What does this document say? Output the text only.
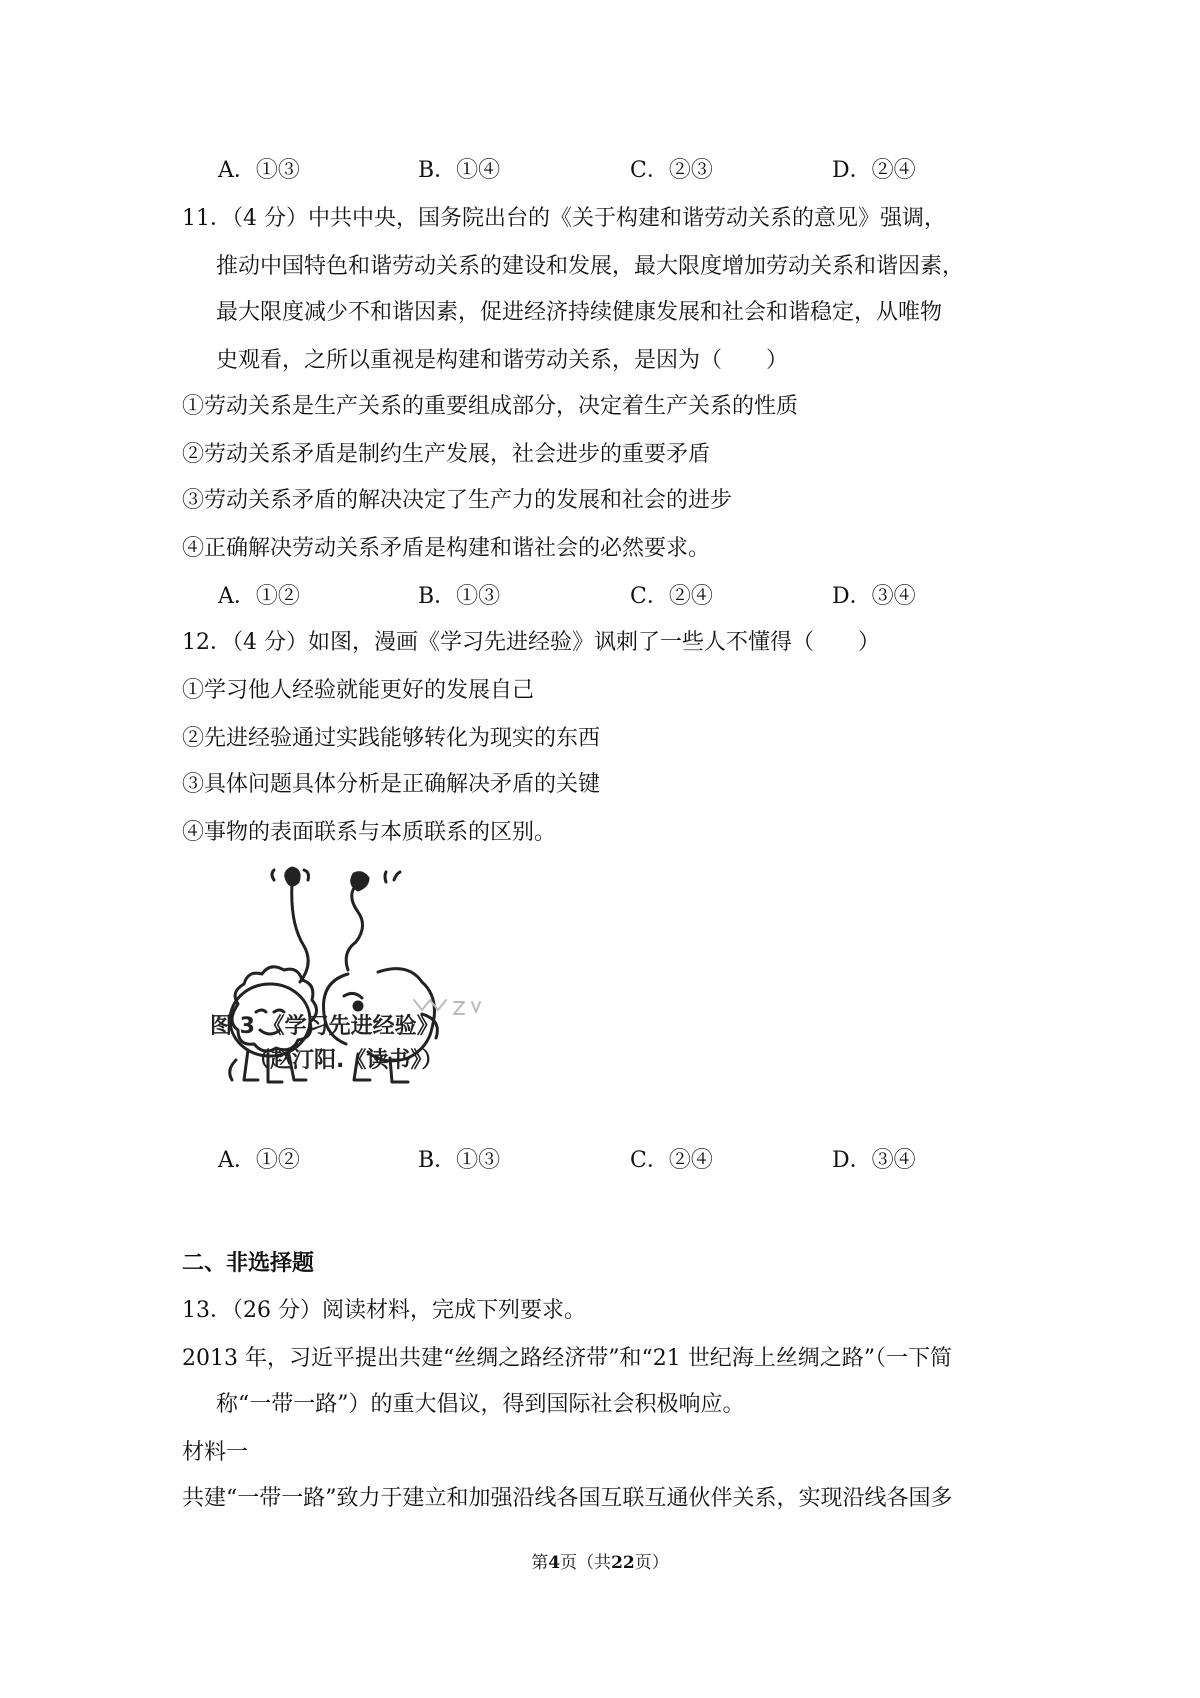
A．①③	B．①④	C．②③	D．②④
11．（4 分）中共中央，国务院出台的《关于构建和谐劳动关系的意见》强调，
推动中国特色和谐劳动关系的建设和发展，最大限度增加劳动关系和谐因素，
最大限度减少不和谐因素，促进经济持续健康发展和社会和谐稳定，从唯物
史观看，之所以重视是构建和谐劳动关系，是因为（　　）
①劳动关系是生产关系的重要组成部分，决定着生产关系的性质
②劳动关系矛盾是制约生产发展，社会进步的重要矛盾
③劳动关系矛盾的解决决定了生产力的发展和社会的进步
④正确解决劳动关系矛盾是构建和谐社会的必然要求。
A．①②	B．①③	C．②④	D．③④
12．（4 分）如图，漫画《学习先进经验》讽刺了一些人不懂得（　　）
①学习他人经验就能更好的发展自己
②先进经验通过实践能够转化为现实的东西
③具体问题具体分析是正确解决矛盾的关键
④事物的表面联系与本质联系的区别。
图 3 《学习先进经验》
（赵汀阳.《读书》）
A．①②	B．①③	C．②④	D．③④
二、非选择题
13．（26 分）阅读材料，完成下列要求。
2013 年，习近平提出共建“丝绸之路经济带”和“21 世纪海上丝绸之路”（一下简
称“一带一路”）的重大倡议，得到国际社会积极响应。
材料一
共建“一带一路”致力于建立和加强沿线各国互联互通伙伴关系，实现沿线各国多
第4页（共22页）
